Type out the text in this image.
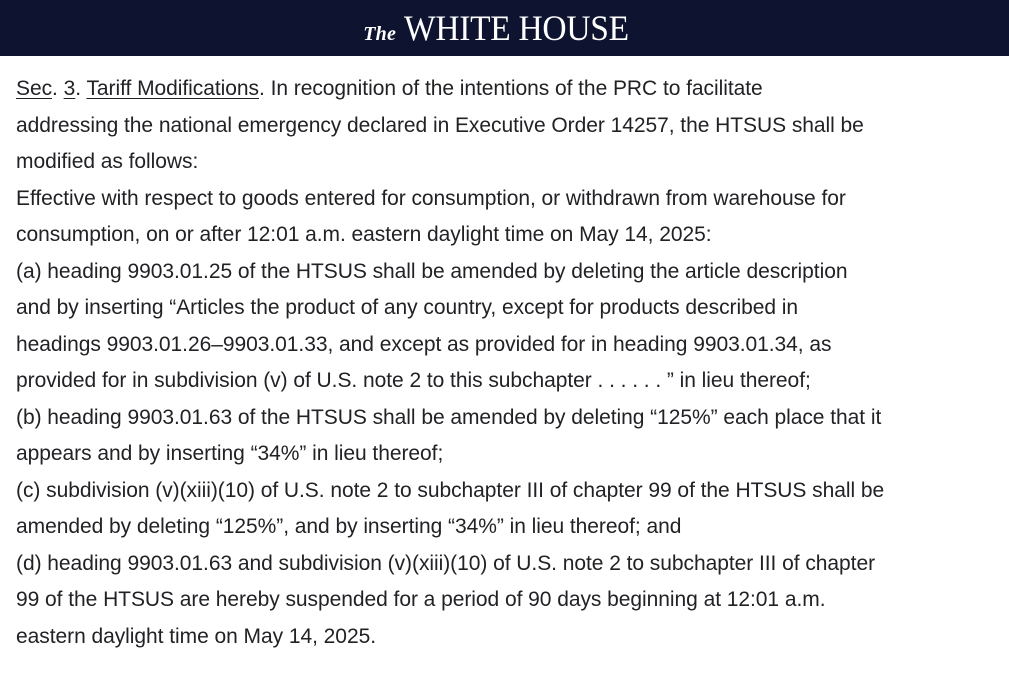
The WHITE HOUSE
Sec. 3. Tariff Modifications. In recognition of the intentions of the PRC to facilitate
addressing the national emergency declared in Executive Order 14257, the HTSUS shall be
modified as follows:
Effective with respect to goods entered for consumption, or withdrawn from warehouse for
consumption, on or after 12:01 a.m. eastern daylight time on May 14, 2025:
(a) heading 9903.01.25 of the HTSUS shall be amended by deleting the article description
and by inserting “Articles the product of any country, except for products described in
headings 9903.01.26–9903.01.33, and except as provided for in heading 9903.01.34, as
provided for in subdivision (v) of U.S. note 2 to this subchapter . . . . . . ” in lieu thereof;
(b) heading 9903.01.63 of the HTSUS shall be amended by deleting “125%” each place that it
appears and by inserting “34%” in lieu thereof;
(c) subdivision (v)(xiii)(10) of U.S. note 2 to subchapter III of chapter 99 of the HTSUS shall be
amended by deleting “125%”, and by inserting “34%” in lieu thereof; and
(d) heading 9903.01.63 and subdivision (v)(xiii)(10) of U.S. note 2 to subchapter III of chapter
99 of the HTSUS are hereby suspended for a period of 90 days beginning at 12:01 a.m.
eastern daylight time on May 14, 2025.
